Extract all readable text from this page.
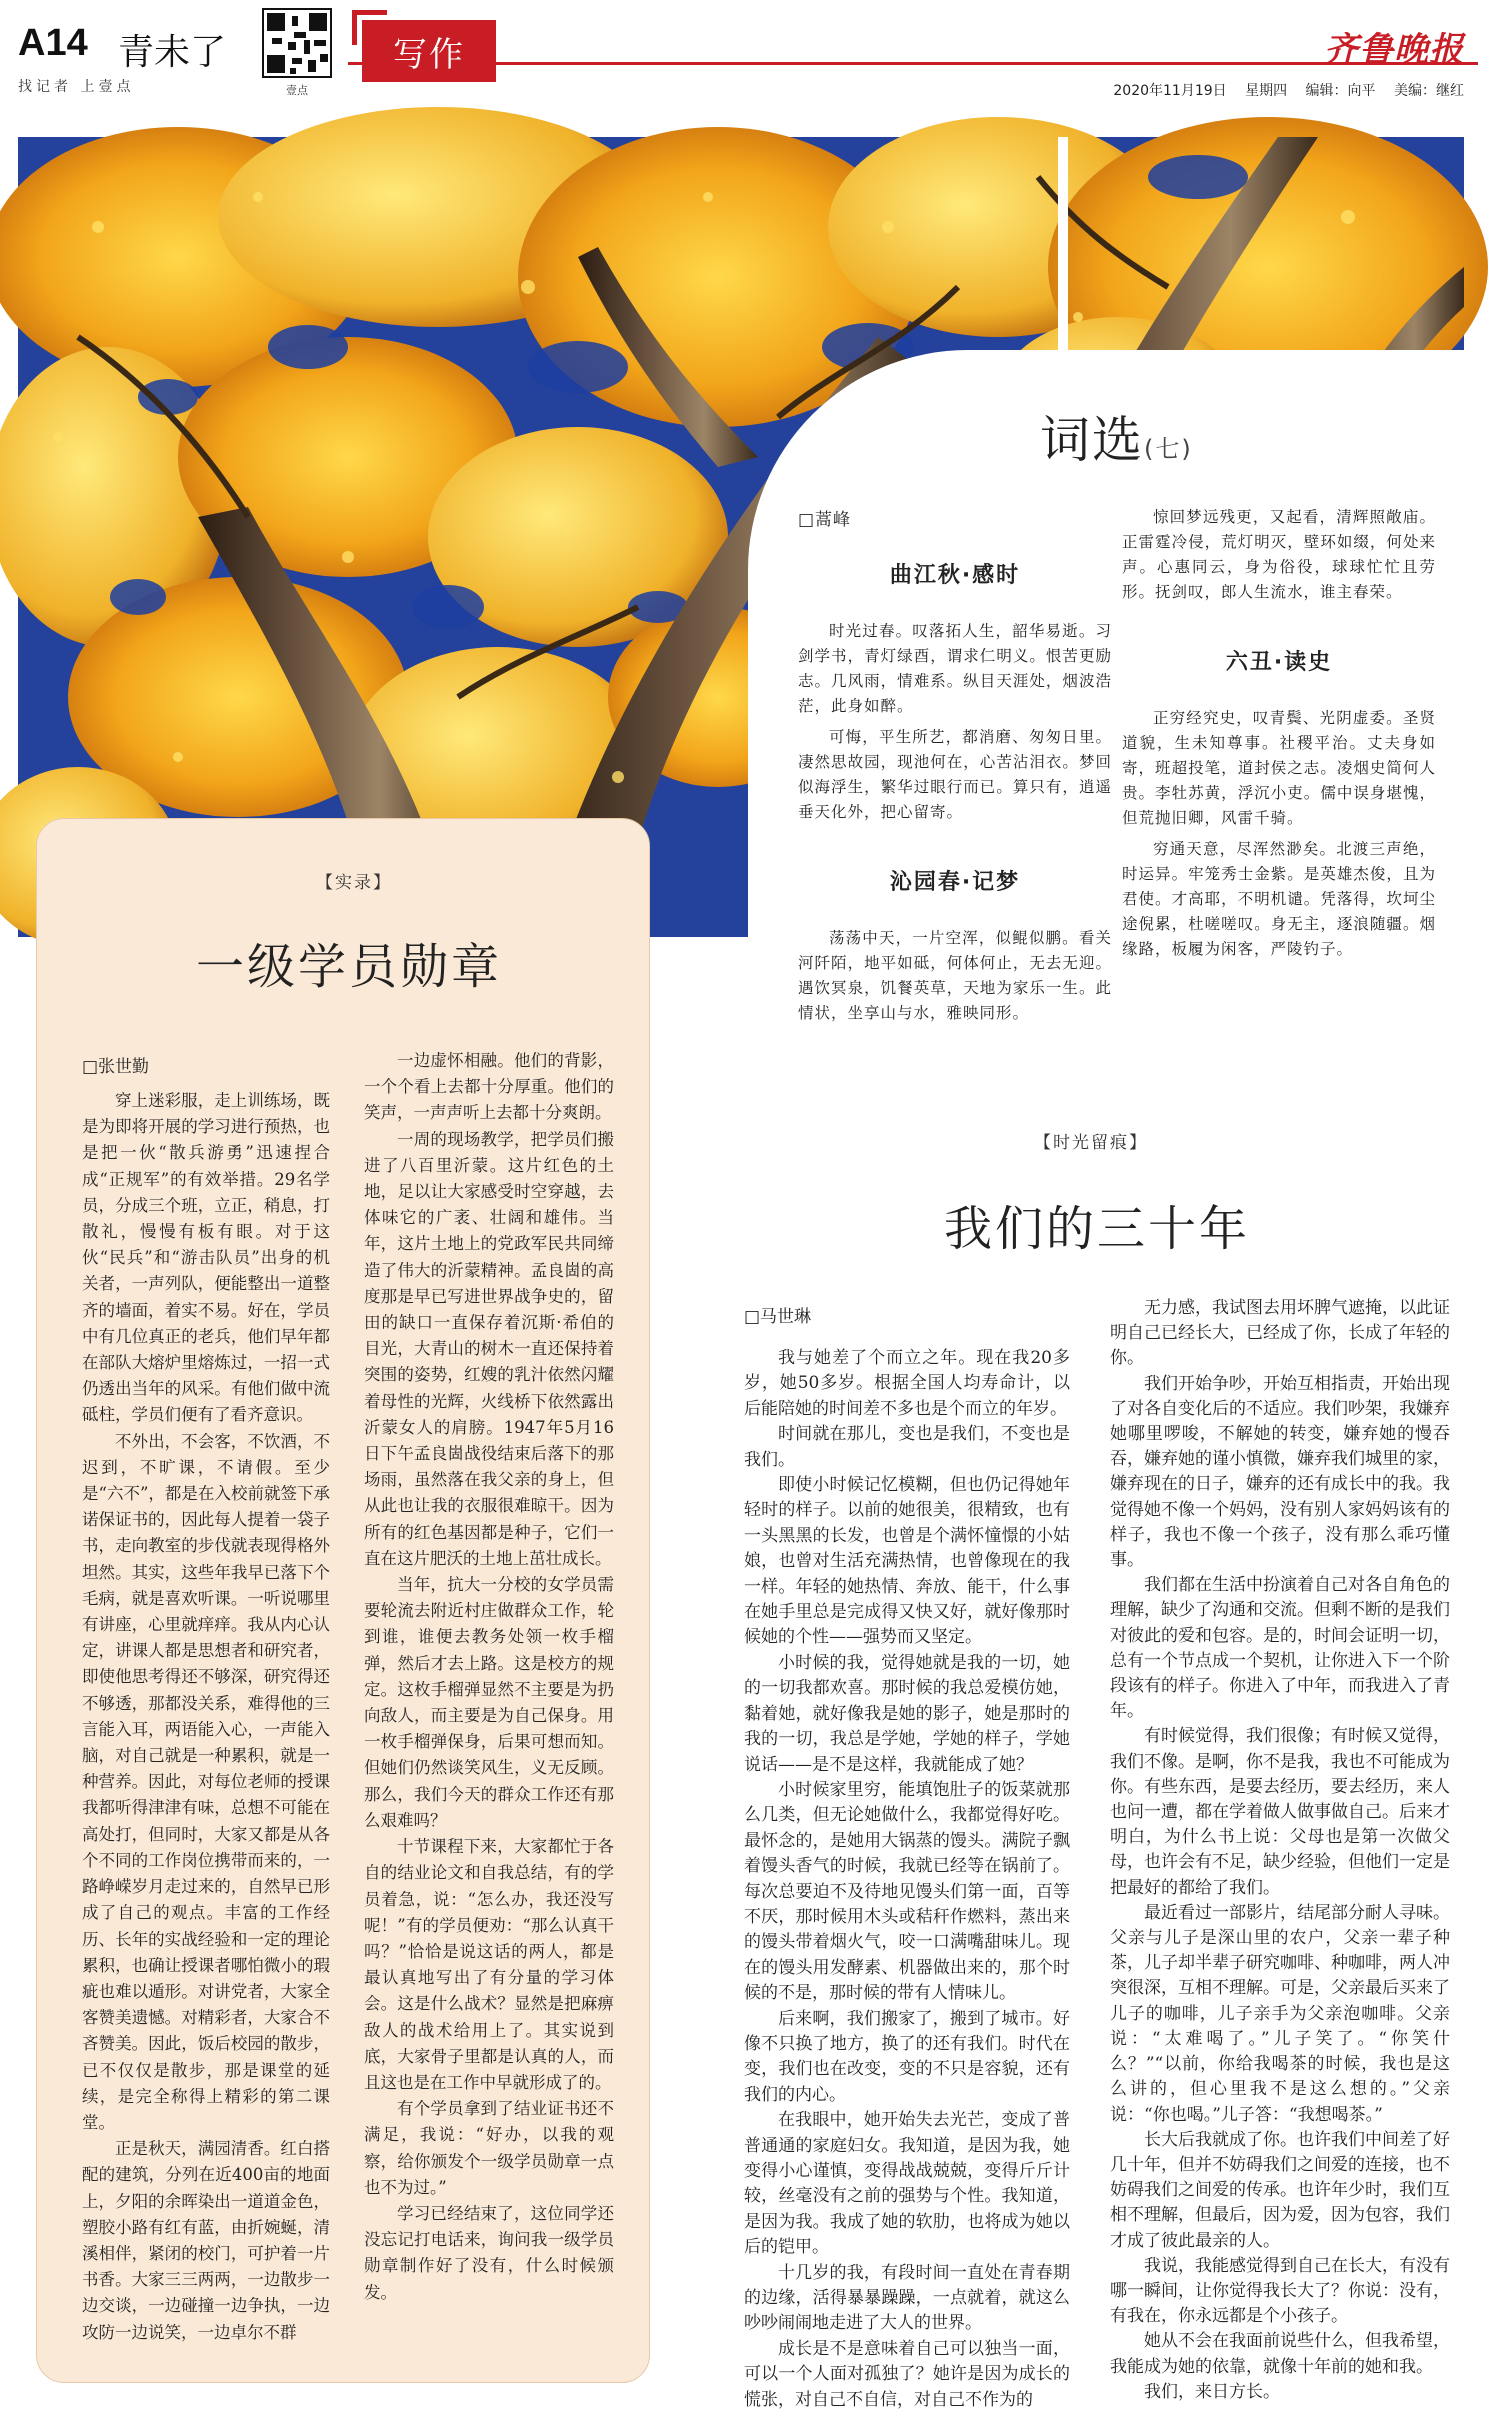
A14 青未了
找记者 上壹点	壹点
写作	齐鲁晚报
2020年11月19日 星期四 编辑：向平 美编：继红
词选(七)
□蒿峰
曲江秋·感时

时光过春。叹落拓人生，韶华易逝。习剑学书，青灯绿酉，谓求仁明义。恨苦更励志。几风雨，情难系。纵目天涯处，烟波浩茫，此身如醉。

可悔，平生所艺，都消磨、匆匆日里。凄然思故园，现池何在，心苦沾泪衣。梦回似海浮生，繁华过眼行而已。算只有，逍遥垂天化外，把心留寄。

沁园春·记梦

荡荡中天，一片空浑，似鲲似鹏。看关河阡陌，地平如砥，何体何止，无去无迎。遇饮冥泉，饥餐英草，天地为家乐一生。此情状，坐享山与水，雅映同形。

惊回梦远残更，又起看，清辉照敞庙。正雷霆冷侵，荒灯明灭，壁环如缀，何处来声。心惠同云，身为俗役，球球忙忙且劳形。抚剑叹，郎人生流水，谁主春荣。

六丑·读史

正穷经究史，叹青鬓、光阴虚委。圣贤道貌，生未知尊事。社稷平治。丈夫身如寄，班超投笔，道封侯之志。凌烟史简何人贵。李牡苏黄，浮沉小吏。儒中误身堪愧，但荒抛旧卿，风雷千骑。

穷通天意，尽浑然渺矣。北渡三声绝，时运异。牢笼秀士金紫。是英雄杰俊，且为君使。才高耶，不明机谴。凭落得，坎坷尘途倪累，杜嗟嗟叹。身无主，逐浪随疆。烟缘路，板履为闲客，严陵钓子。

【实录】
一级学员勋章
□张世勤

穿上迷彩服，走上训练场，既是为即将开展的学习进行预热，也是把一伙“散兵游勇”迅速捏合成“正规军”的有效举措。29名学员，分成三个班，立正，稍息，打散礼，慢慢有板有眼。对于这伙“民兵”和“游击队员”出身的机关者，一声列队，便能整出一道整齐的墙面，着实不易。好在，学员中有几位真正的老兵，他们早年都在部队大熔炉里熔炼过，一招一式仍透出当年的风采。有他们做中流砥柱，学员们便有了看齐意识。

不外出，不会客，不饮酒，不迟到，不旷课，不请假。至少是“六不”，都是在入校前就签下承诺保证书的，因此每人提着一袋子书，走向教室的步伐就表现得格外坦然。其实，这些年我早已落下个毛病，就是喜欢听课。一听说哪里有讲座，心里就痒痒。我从内心认定，讲课人都是思想者和研究者，即使他思考得还不够深，研究得还不够透，那都没关系，难得他的三言能入耳，两语能入心，一声能入脑，对自己就是一种累积，就是一种营养。因此，对每位老师的授课我都听得津津有味，总想不可能在高处打，但同时，大家又都是从各个不同的工作岗位携带而来的，一路峥嵘岁月走过来的，自然早已形成了自己的观点。丰富的工作经历、长年的实战经验和一定的理论累积，也确让授课者哪怕微小的瑕疵也难以遁形。对讲党者，大家全客赞美遗憾。对精彩者，大家合不吝赞美。因此，饭后校园的散步，已不仅仅是散步，那是课堂的延续，是完全称得上精彩的第二课堂。

正是秋天，满园清香。红白搭配的建筑，分列在近400亩的地面上，夕阳的余晖染出一道道金色，塑胶小路有红有蓝，由折婉蜒，清溪相伴，紧闭的校门，可护着一片书香。大家三三两两，一边散步一边交谈，一边碰撞一边争执，一边攻防一边说笑，一边卓尔不群

一边虚怀相融。他们的背影，一个个看上去都十分厚重。他们的笑声，一声声听上去都十分爽朗。

一周的现场教学，把学员们搬进了八百里沂蒙。这片红色的土地，足以让大家感受时空穿越，去体味它的广袤、壮阔和雄伟。当年，这片土地上的党政军民共同缔造了伟大的沂蒙精神。孟良崮的高度那是早已写进世界战争史的，留田的缺口一直保存着沉斯·希伯的目光，大青山的树木一直还保持着突围的姿势，红嫂的乳汁依然闪耀着母性的光辉，火线桥下依然露出沂蒙女人的肩膀。1947年5月16日下午孟良崮战役结束后落下的那场雨，虽然落在我父亲的身上，但从此也让我的衣服很难晾干。因为所有的红色基因都是种子，它们一直在这片肥沃的土地上茁壮成长。

当年，抗大一分校的女学员需要轮流去附近村庄做群众工作，轮到谁，谁便去教务处领一枚手榴弹，然后才去上路。这是校方的规定。这枚手榴弹显然不主要是为扔向敌人，而主要是为自己保身。用一枚手榴弹保身，后果可想而知。但她们仍然谈笑风生，义无反顾。那么，我们今天的群众工作还有那么艰难吗？

十节课程下来，大家都忙于各自的结业论文和自我总结，有的学员着急，说：“怎么办，我还没写呢！”有的学员便劝：“那么认真干吗？”恰恰是说这话的两人，都是最认真地写出了有分量的学习体会。这是什么战术？显然是把麻痹敌人的战术给用上了。其实说到底，大家骨子里都是认真的人，而且这也是在工作中早就形成了的。

有个学员拿到了结业证书还不满足，我说：“好办，以我的观察，给你颁发个一级学员勋章一点也不为过。”

学习已经结束了，这位同学还没忘记打电话来，询问我一级学员勋章制作好了没有，什么时候颁发。

【时光留痕】
我们的三十年
□马世琳

我与她差了个而立之年。现在我20多岁，她50多岁。根据全国人均寿命计，以后能陪她的时间差不多也是个而立的年岁。

时间就在那儿，变也是我们，不变也是我们。

即使小时候记忆模糊，但也仍记得她年轻时的样子。以前的她很美，很精致，也有一头黑黑的长发，也曾是个满怀憧憬的小姑娘，也曾对生活充满热情，也曾像现在的我一样。年轻的她热情、奔放、能干，什么事在她手里总是完成得又快又好，就好像那时候她的个性——强势而又坚定。

小时候的我，觉得她就是我的一切，她的一切我都欢喜。那时候的我总爱模仿她，黏着她，就好像我是她的影子，她是那时的我的一切，我总是学她，学她的样子，学她说话——是不是这样，我就能成了她？

小时候家里穷，能填饱肚子的饭菜就那么几类，但无论她做什么，我都觉得好吃。最怀念的，是她用大锅蒸的馒头。满院子飘着馒头香气的时候，我就已经等在锅前了。每次总要迫不及待地见馒头们第一面，百等不厌，那时候用木头或秸秆作燃料，蒸出来的馒头带着烟火气，咬一口满嘴甜味儿。现在的馒头用发酵素、机器做出来的，那个时候的不是，那时候的带有人情味儿。

后来啊，我们搬家了，搬到了城市。好像不只换了地方，换了的还有我们。时代在变，我们也在改变，变的不只是容貌，还有我们的内心。

在我眼中，她开始失去光芒，变成了普普通通的家庭妇女。我知道，是因为我，她变得小心谨慎，变得战战兢兢，变得斤斤计较，丝毫没有之前的强势与个性。我知道，是因为我。我成了她的软肋，也将成为她以后的铠甲。

十几岁的我，有段时间一直处在青春期的边缘，活得暴暴躁躁，一点就着，就这么吵吵闹闹地走进了大人的世界。

成长是不是意味着自己可以独当一面，可以一个人面对孤独了？她许是因为成长的慌张，对自己不自信，对自己不作为的

无力感，我试图去用坏脾气遮掩，以此证明自己已经长大，已经成了你，长成了年轻的你。

我们开始争吵，开始互相指责，开始出现了对各自变化后的不适应。我们吵架，我嫌弃她哪里啰唆，不解她的转变，嫌弃她的慢吞吞，嫌弃她的谨小慎微，嫌弃我们城里的家，嫌弃现在的日子，嫌弃的还有成长中的我。我觉得她不像一个妈妈，没有别人家妈妈该有的样子，我也不像一个孩子，没有那么乖巧懂事。

我们都在生活中扮演着自己对各自角色的理解，缺少了沟通和交流。但剩不断的是我们对彼此的爱和包容。是的，时间会证明一切，总有一个节点成一个契机，让你进入下一个阶段该有的样子。你进入了中年，而我进入了青年。

有时候觉得，我们很像；有时候又觉得，我们不像。是啊，你不是我，我也不可能成为你。有些东西，是要去经历，要去经历，来人也问一遭，都在学着做人做事做自己。后来才明白，为什么书上说：父母也是第一次做父母，也许会有不足，缺少经验，但他们一定是把最好的都给了我们。

最近看过一部影片，结尾部分耐人寻味。父亲与儿子是深山里的农户，父亲一辈子种茶，儿子却半辈子研究咖啡、种咖啡，两人冲突很深，互相不理解。可是，父亲最后买来了儿子的咖啡，儿子亲手为父亲泡咖啡。父亲说：“太难喝了。”儿子笑了。“你笑什么？”“以前，你给我喝茶的时候，我也是这么讲的，但心里我不是这么想的。”父亲说：“你也喝。”儿子答：“我想喝茶。”

长大后我就成了你。也许我们中间差了好几十年，但并不妨碍我们之间爱的连接，也不妨碍我们之间爱的传承。也许年少时，我们互相不理解，但最后，因为爱，因为包容，我们才成了彼此最亲的人。

我说，我能感觉得到自己在长大，有没有哪一瞬间，让你觉得我长大了？你说：没有，有我在，你永远都是个小孩子。

她从不会在我面前说些什么，但我希望，我能成为她的依靠，就像十年前的她和我。

我们，来日方长。
